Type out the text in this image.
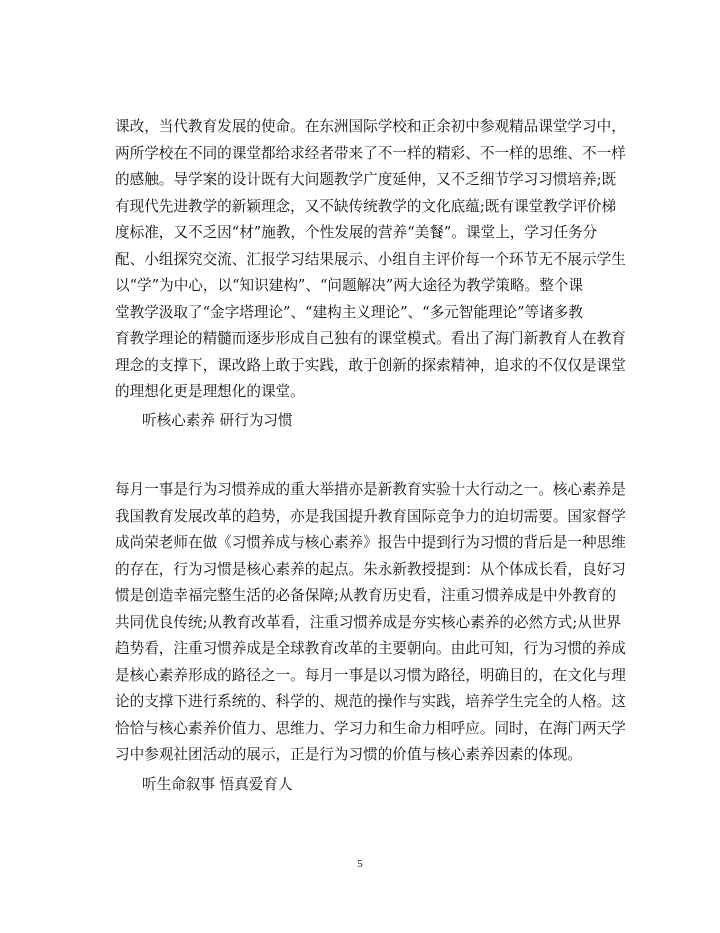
课改，当代教育发展的使命。在东洲国际学校和正余初中参观精品课堂学习中，
两所学校在不同的课堂都给求经者带来了不一样的精彩、不一样的思维、不一样
的感触。导学案的设计既有大问题教学广度延伸，又不乏细节学习习惯培养;既
有现代先进教学的新颖理念，又不缺传统教学的文化底蕴;既有课堂教学评价梯
度标准，又不乏因“材”施教，个性发展的营养“美餐”。课堂上，学习任务分
配、小组探究交流、汇报学习结果展示、小组自主评价每一个环节无不展示学生
以“学”为中心，以“知识建构”、“问题解决”两大途径为教学策略。整个课
堂教学汲取了“金字塔理论”、“建构主义理论”、“多元智能理论”等诸多教
育教学理论的精髓而逐步形成自己独有的课堂模式。看出了海门新教育人在教育
理念的支撑下，课改路上敢于实践，敢于创新的探索精神，追求的不仅仅是课堂
的理想化更是理想化的课堂。
听核心素养 研行为习惯
每月一事是行为习惯养成的重大举措亦是新教育实验十大行动之一。核心素养是
我国教育发展改革的趋势，亦是我国提升教育国际竞争力的迫切需要。国家督学
成尚荣老师在做《习惯养成与核心素养》报告中提到行为习惯的背后是一种思维
的存在，行为习惯是核心素养的起点。朱永新教授提到：从个体成长看，良好习
惯是创造幸福完整生活的必备保障;从教育历史看，注重习惯养成是中外教育的
共同优良传统;从教育改革看，注重习惯养成是夯实核心素养的必然方式;从世界
趋势看，注重习惯养成是全球教育改革的主要朝向。由此可知，行为习惯的养成
是核心素养形成的路径之一。每月一事是以习惯为路径，明确目的，在文化与理
论的支撑下进行系统的、科学的、规范的操作与实践，培养学生完全的人格。这
恰恰与核心素养价值力、思维力、学习力和生命力相呼应。同时，在海门两天学
习中参观社团活动的展示，正是行为习惯的价值与核心素养因素的体现。
听生命叙事 悟真爱育人
5
